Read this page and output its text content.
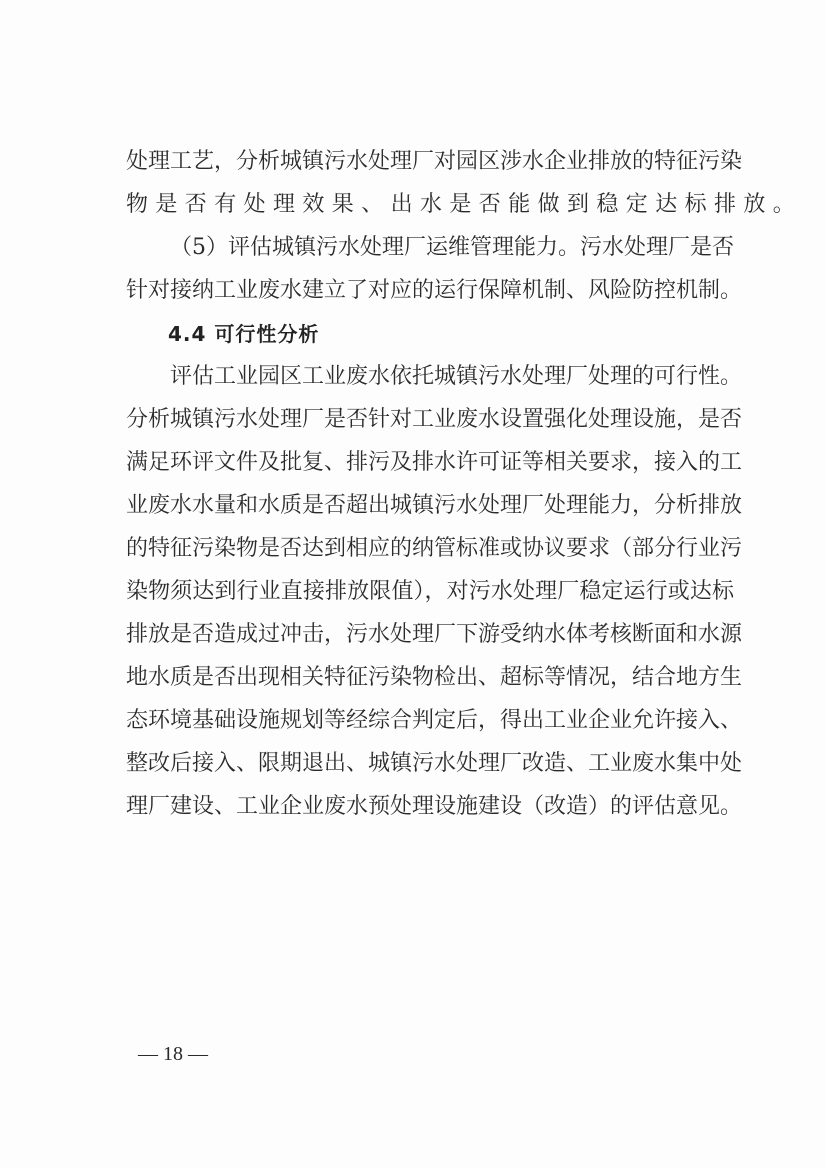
处理工艺，分析城镇污水处理厂对园区涉水企业排放的特征污染
物是否有处理效果、出水是否能做到稳定达标排放。
（5）评估城镇污水处理厂运维管理能力。污水处理厂是否
针对接纳工业废水建立了对应的运行保障机制、风险防控机制。
4.4 可行性分析
评估工业园区工业废水依托城镇污水处理厂处理的可行性。
分析城镇污水处理厂是否针对工业废水设置强化处理设施，是否
满足环评文件及批复、排污及排水许可证等相关要求，接入的工
业废水水量和水质是否超出城镇污水处理厂处理能力，分析排放
的特征污染物是否达到相应的纳管标准或协议要求（部分行业污
染物须达到行业直接排放限值），对污水处理厂稳定运行或达标
排放是否造成过冲击，污水处理厂下游受纳水体考核断面和水源
地水质是否出现相关特征污染物检出、超标等情况，结合地方生
态环境基础设施规划等经综合判定后，得出工业企业允许接入、
整改后接入、限期退出、城镇污水处理厂改造、工业废水集中处
理厂建设、工业企业废水预处理设施建设（改造）的评估意见。
— 18 —
